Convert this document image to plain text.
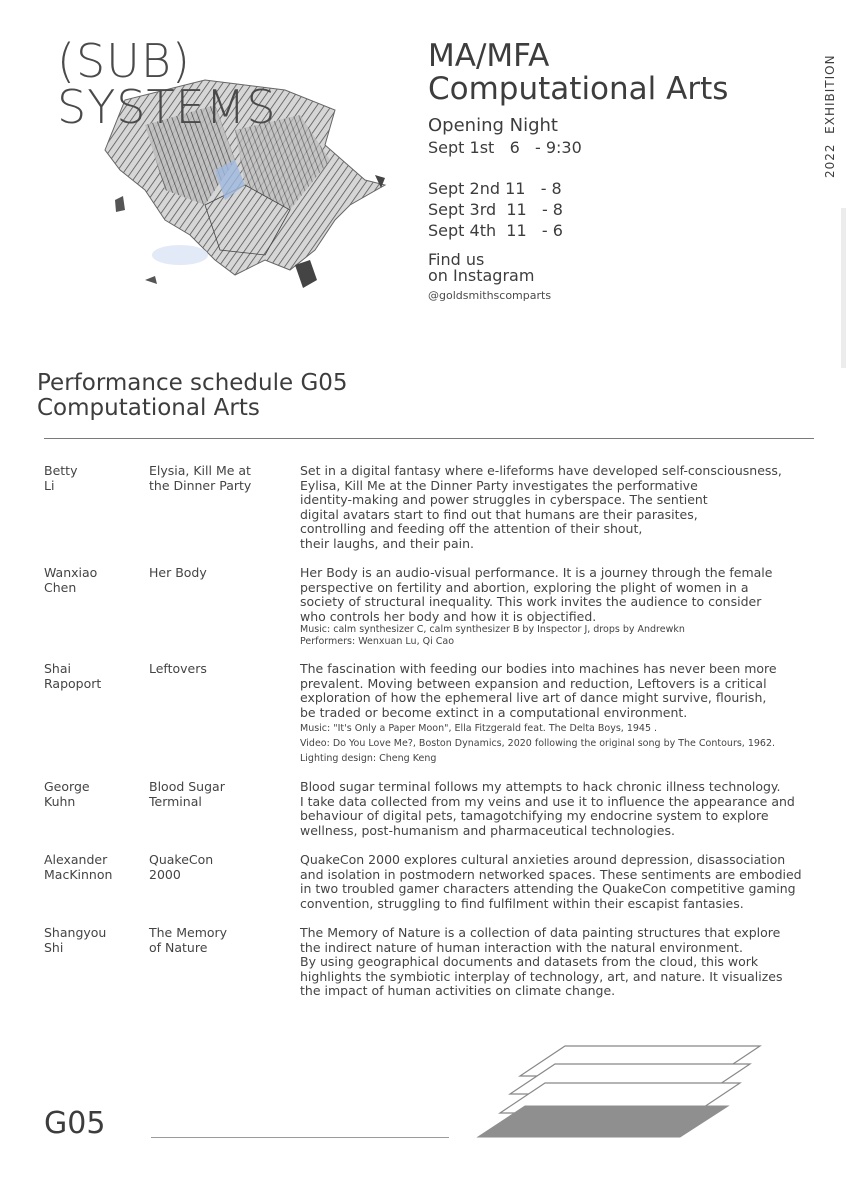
(SUB)
SYSTEMS
MA/MFA
Computational Arts
Opening Night
Sept 1st   6   - 9:30
Sept 2nd 11   - 8
Sept 3rd  11   - 8
Sept 4th  11   - 6
Find us
on Instagram
@goldsmithscomparts
2022  EXHIBITION
Performance schedule G05
Computational Arts
Betty
Li
Elysia, Kill Me at
the Dinner Party
Set in a digital fantasy where e-lifeforms have developed self-consciousness,
Eylisa, Kill Me at the Dinner Party investigates the performative
identity-making and power struggles in cyberspace. The sentient
digital avatars start to find out that humans are their parasites,
controlling and feeding off the attention of their shout,
their laughs, and their pain.
Wanxiao
Chen
Her Body	Her Body is an audio-visual performance. It is a journey through the female
perspective on fertility and abortion, exploring the plight of women in a
society of structural inequality. This work invites the audience to consider
who controls her body and how it is objectified.
Music: calm synthesizer C, calm synthesizer B by Inspector J, drops by Andrewkn
Performers: Wenxuan Lu, Qi Cao
Shai
Rapoport
Leftovers	The fascination with feeding our bodies into machines has never been more
prevalent. Moving between expansion and reduction, Leftovers is a critical
exploration of how the ephemeral live art of dance might survive, flourish,
be traded or become extinct in a computational environment.
Music: "It's Only a Paper Moon", Ella Fitzgerald feat. The Delta Boys, 1945 .
Video: Do You Love Me?, Boston Dynamics, 2020 following the original song by The Contours, 1962.
Lighting design: Cheng Keng
George
Kuhn
Blood Sugar
Terminal
Blood sugar terminal follows my attempts to hack chronic illness technology.
I take data collected from my veins and use it to influence the appearance and
behaviour of digital pets, tamagotchifying my endocrine system to explore
wellness, post-humanism and pharmaceutical technologies.
Alexander
MacKinnon
QuakeCon
2000
QuakeCon 2000 explores cultural anxieties around depression, disassociation
and isolation in postmodern networked spaces. These sentiments are embodied
in two troubled gamer characters attending the QuakeCon competitive gaming
convention, struggling to find fulfilment within their escapist fantasies.
Shangyou
Shi
The Memory
of Nature
The Memory of Nature is a collection of data painting structures that explore
the indirect nature of human interaction with the natural environment.
By using geographical documents and datasets from the cloud, this work
highlights the symbiotic interplay of technology, art, and nature. It visualizes
the impact of human activities on climate change.
G05
